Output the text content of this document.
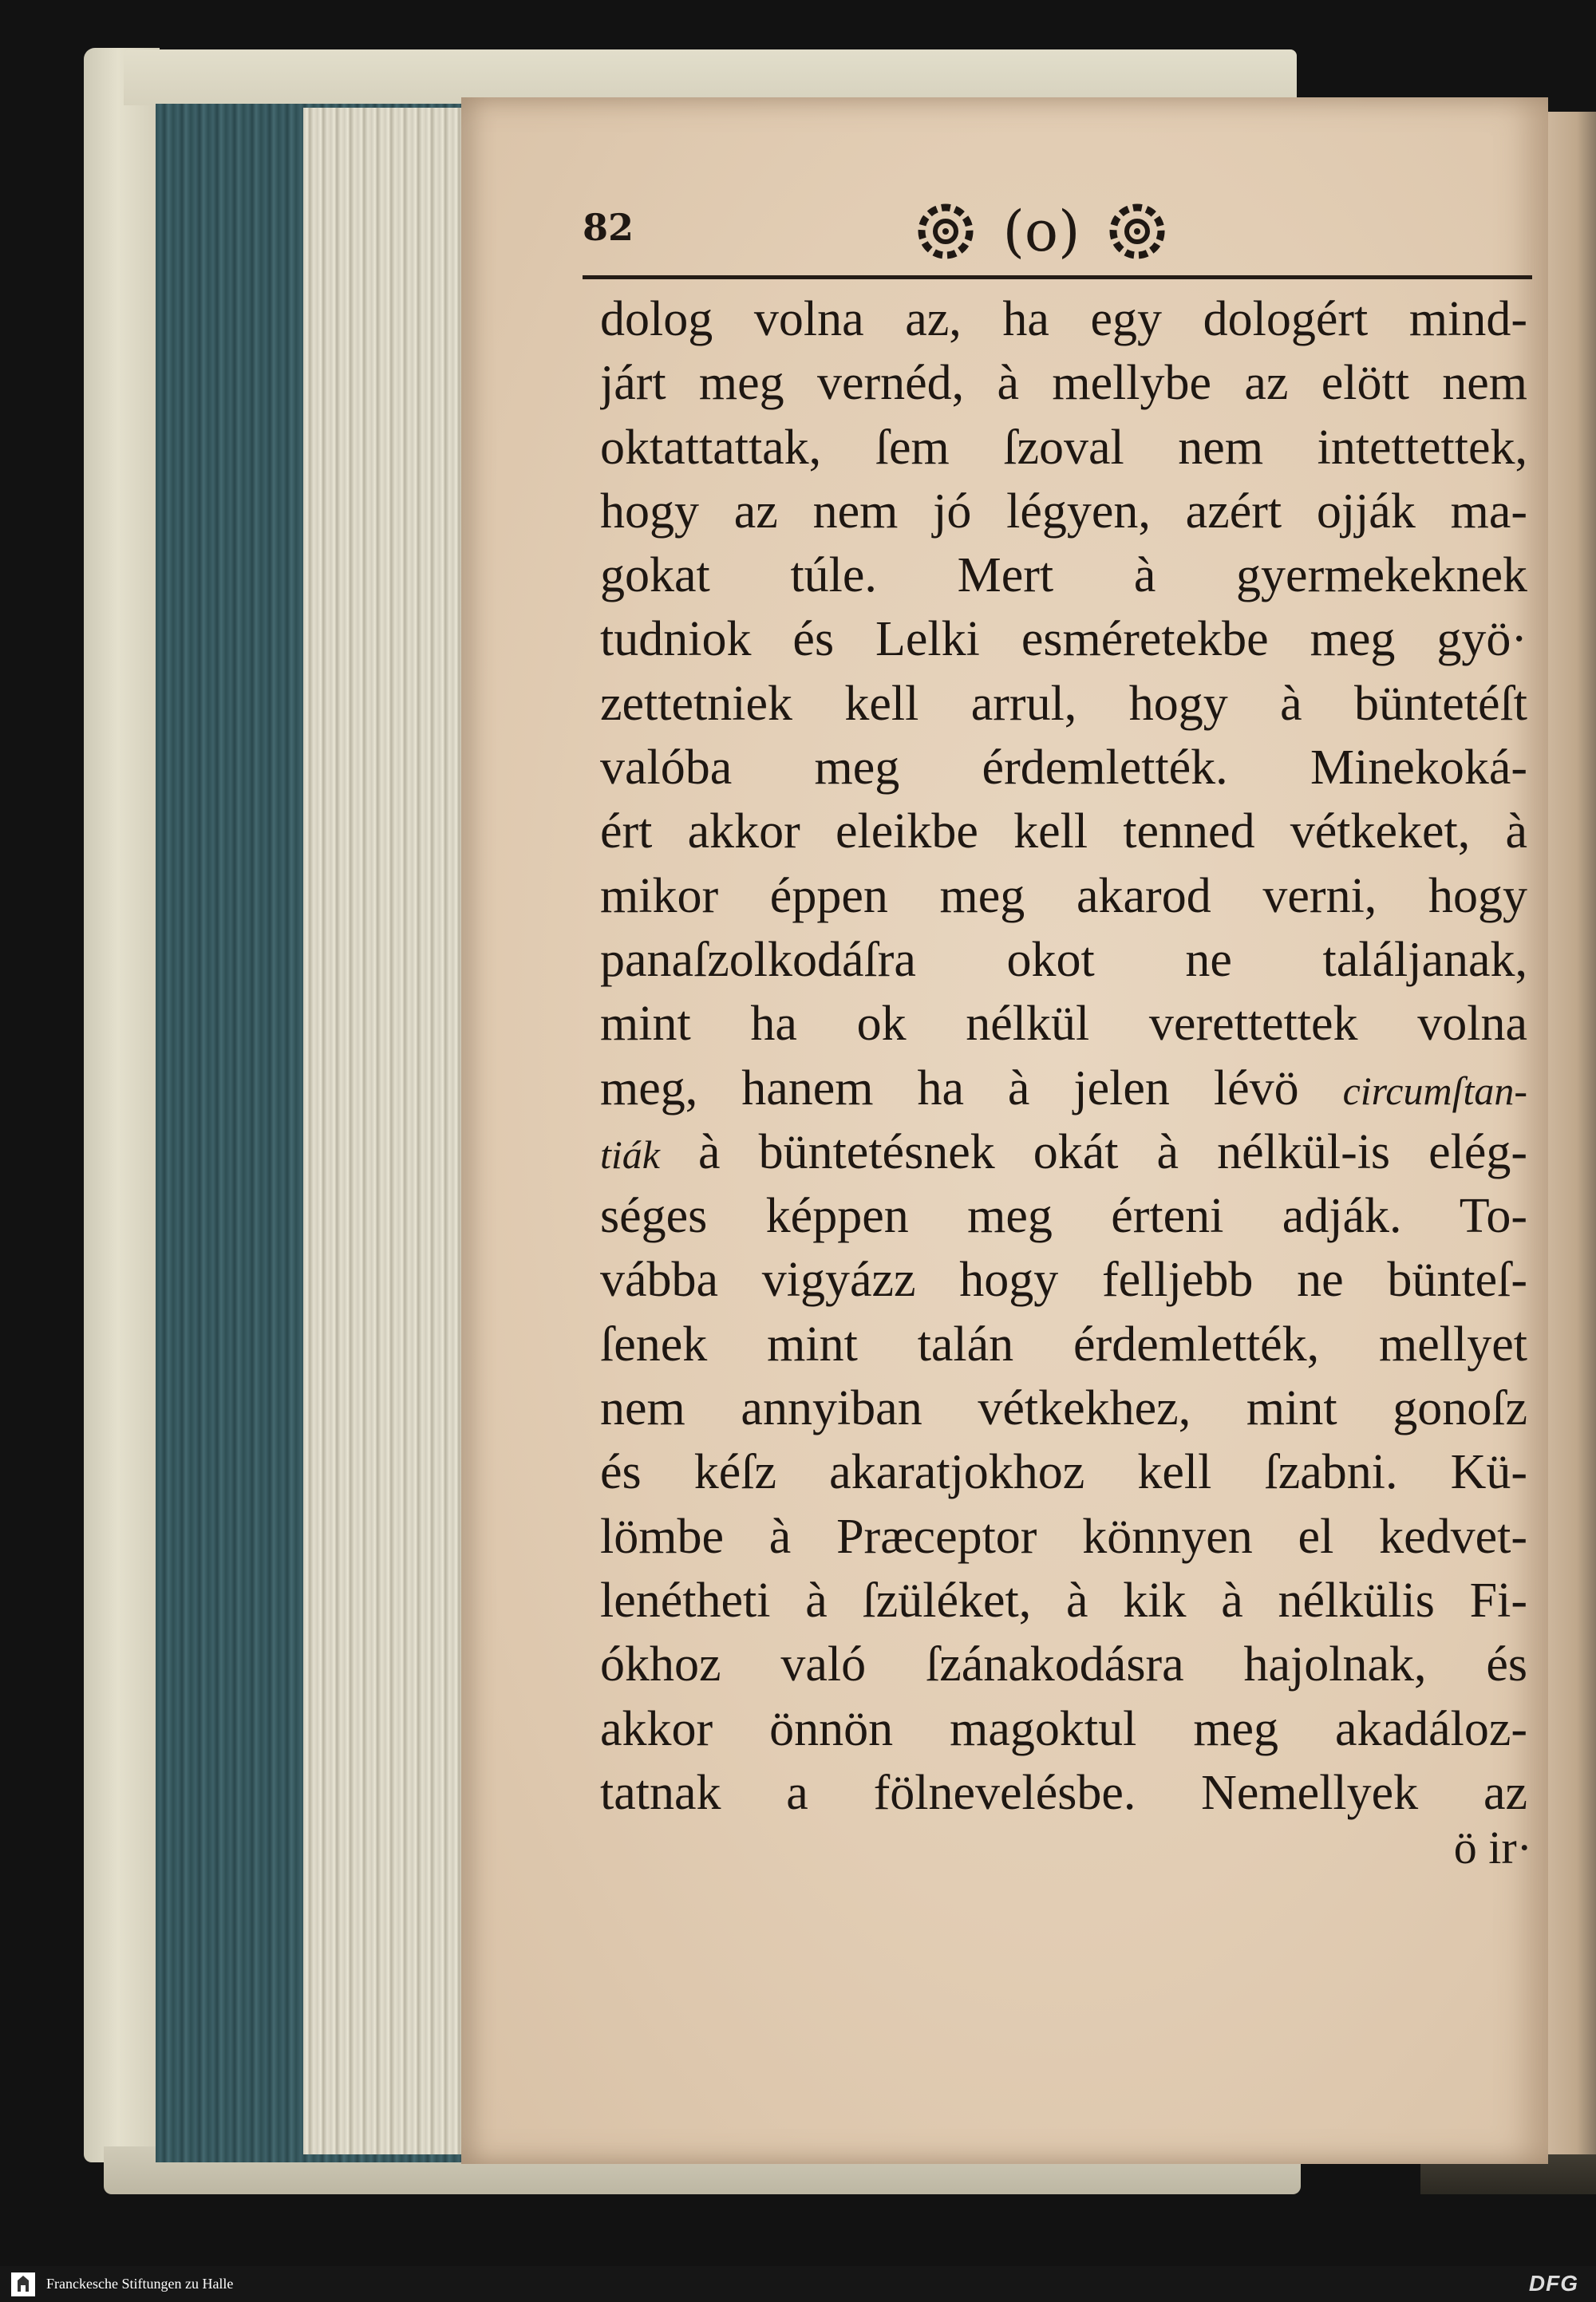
82	(o)
dolog volna az, ha egy dologért mind-
járt meg vernéd, à mellybe az elött nem
oktattattak, ſem ſzoval nem intettettek,
hogy az nem jó légyen, azért ojják ma-
gokat túle. Mert à gyermekeknek
tudniok és Lelki esméretekbe meg gyö·
zettetniek kell arrul, hogy à büntetéſt
valóba meg érdemlették. Minekoká-
ért akkor eleikbe kell tenned vétkeket, à
mikor éppen meg akarod verni, hogy
panaſzolkodáſra okot ne találjanak,
mint ha ok nélkül verettettek volna
meg, hanem ha à jelen lévö circumſtan-
tiák à büntetésnek okát à nélkül-is elég-
séges képpen meg érteni adják. To-
vábba vigyázz hogy felljebb ne bünteſ-
ſenek mint talán érdemlették, mellyet
nem annyiban vétkekhez, mint gonoſz
és kéſz akaratjokhoz kell ſzabni. Kü-
lömbe à Præceptor könnyen el kedvet-
lenétheti à ſzüléket, à kik à nélkülis Fi-
ókhoz való ſzánakodásra hajolnak, és
akkor önnön magoktul meg akadáloz-
tatnak a fölnevelésbe. Nemellyek az
ö ir·
Franckesche Stiftungen zu Halle	DFG
